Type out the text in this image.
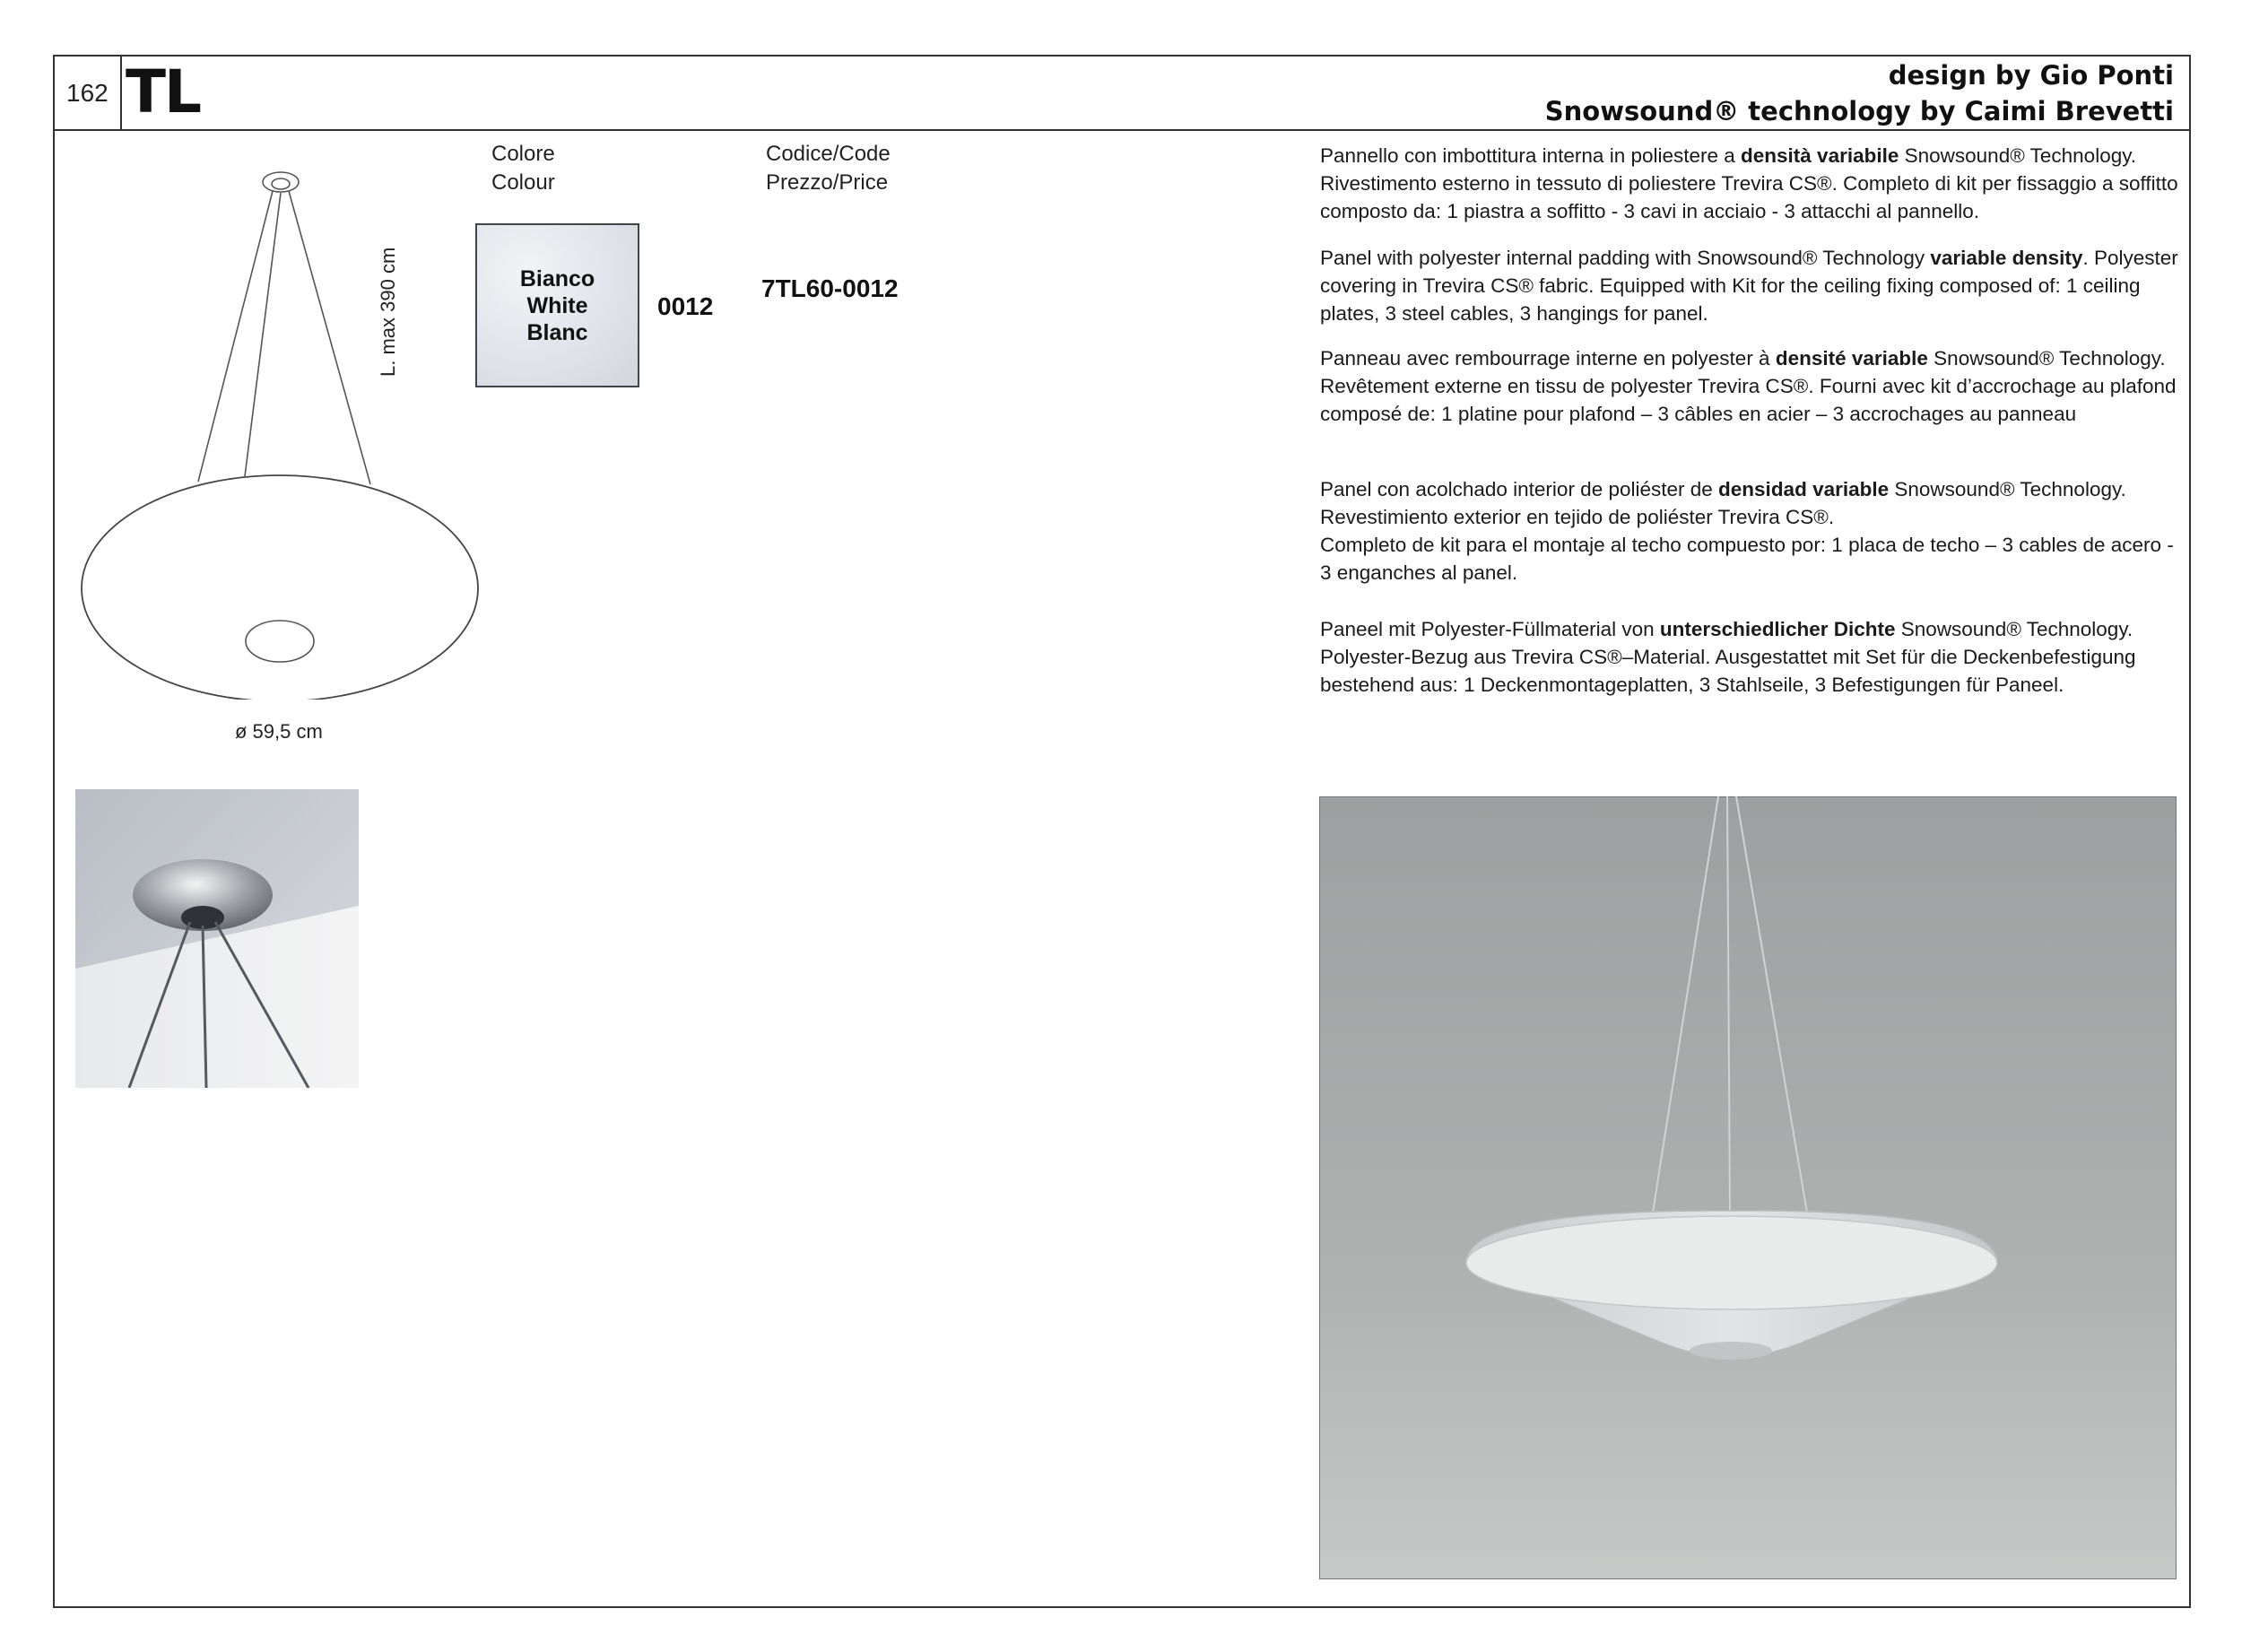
162 TL	design by Gio Ponti
Snowsound® technology by Caimi Brevetti
L. max 390 cm
ø 59,5 cm
Colore
Colour
Codice/Code
Prezzo/Price
Bianco
White
Blanc
0012
7TL60-0012

Pannello con imbottitura interna in poliestere a densità variabile Snowsound® Technology. Rivestimento esterno in tessuto di poliestere Trevira CS®. Completo di kit per fissaggio a soffitto composto da: 1 piastra a soffitto - 3 cavi in acciaio - 3 attacchi al pannello.

Panel with polyester internal padding with Snowsound® Technology variable density. Polyester covering in Trevira CS® fabric. Equipped with Kit for the ceiling fixing composed of: 1 ceiling plates, 3 steel cables, 3 hangings for panel.

Panneau avec rembourrage interne en polyester à densité variable Snowsound® Technology. Revêtement externe en tissu de polyester Trevira CS®. Fourni avec kit d’accrochage au plafond composé de: 1 platine pour plafond – 3 câbles en acier – 3 accrochages au panneau

Panel con acolchado interior de poliéster de densidad variable Snowsound® Technology. Revestimiento exterior en tejido de poliéster Trevira CS®.
Completo de kit para el montaje al techo compuesto por: 1 placa de techo – 3 cables de acero - 3 enganches al panel.

Paneel mit Polyester-Füllmaterial von unterschiedlicher Dichte Snowsound® Technology. Polyester-Bezug aus Trevira CS®–Material. Ausgestattet mit Set für die Deckenbefestigung bestehend aus: 1 Deckenmontageplatten, 3 Stahlseile, 3 Befestigungen für Paneel.
